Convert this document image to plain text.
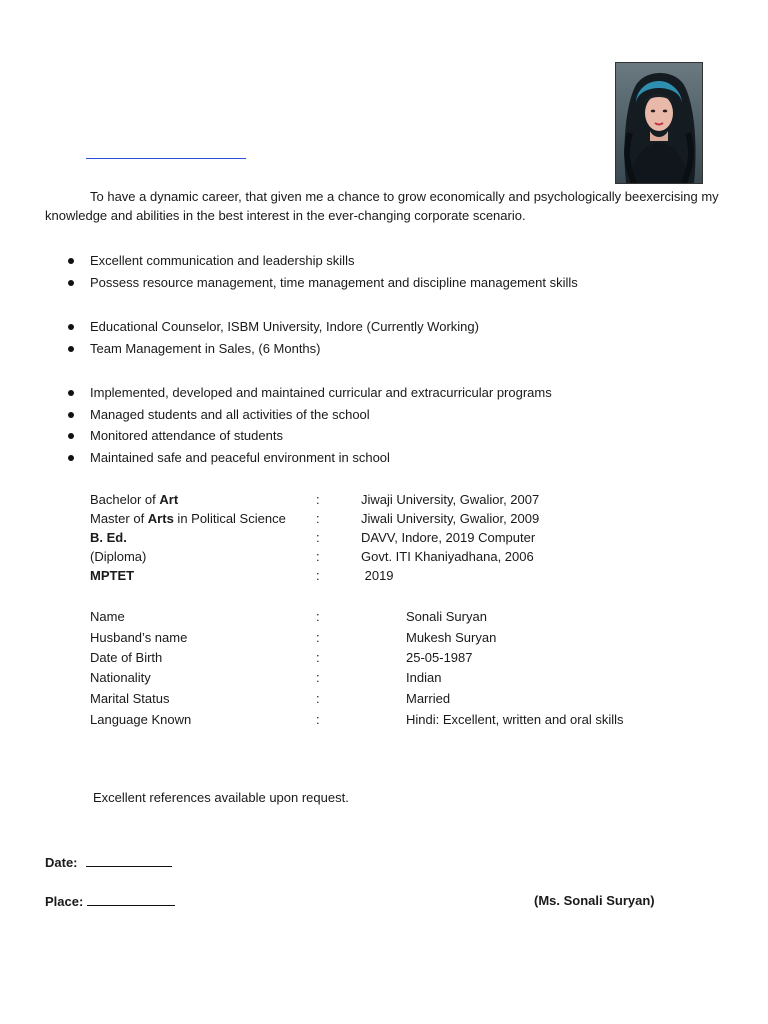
To have a dynamic career, that given me a chance to grow economically and psychologically beexercising my knowledge and abilities in the best interest in the ever-changing corporate scenario.
Excellent communication and leadership skills
Possess resource management, time management and discipline management skills
Educational Counselor, ISBM University, Indore (Currently Working)
Team Management in Sales, (6 Months)
Implemented, developed and maintained curricular and extracurricular programs
Managed students and all activities of the school
Monitored attendance of students
Maintained safe and peaceful environment in school
Bachelor of Art	:	Jiwaji University, Gwalior, 2007
Master of Arts in Political Science :	Jiwali University, Gwalior, 2009
B. Ed.	:	DAVV, Indore, 2019 Computer
(Diploma)	:	Govt. ITI Khaniyadhana, 2006
MPTET	:	2019
Name	:	Sonali Suryan
Husband’s name	:	Mukesh Suryan
Date of Birth	:	25-05-1987
Nationality	:	Indian
Marital Status	:	Married
Language Known	:	Hindi: Excellent, written and oral skills
Excellent references available upon request.
Date:
Place:	(Ms. Sonali Suryan)
